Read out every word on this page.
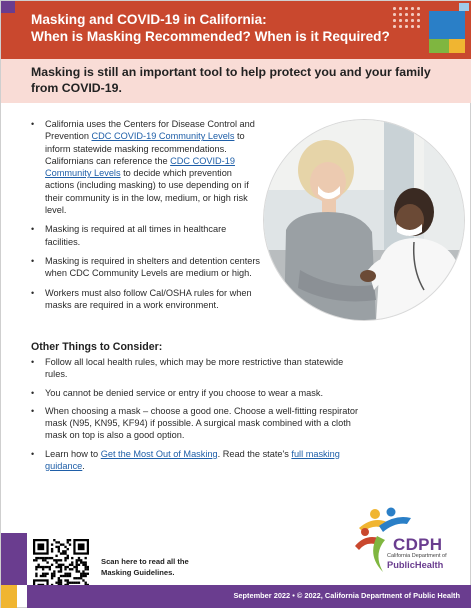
Masking and COVID-19 in California:
When is Masking Recommended? When is it Required?

Masking is still an important tool to help protect you and your family from COVID-19.

• California uses the Centers for Disease Control and Prevention CDC COVID-19 Community Levels to inform statewide masking recommendations. Californians can reference the CDC COVID-19 Community Levels to decide which prevention actions (including masking) to use depending on if their community is in the low, medium, or high risk level.
• Masking is required at all times in healthcare facilities.
• Masking is required in shelters and detention centers when CDC Community Levels are medium or high.
• Workers must also follow Cal/OSHA rules for when masks are required in a work environment.
Other Things to Consider:
• Follow all local health rules, which may be more restrictive than statewide rules.
• You cannot be denied service or entry if you choose to wear a mask.
• When choosing a mask – choose a good one. Choose a well-fitting respirator mask (N95, KN95, KF94) if possible. A surgical mask combined with a cloth mask on top is also a good option.
• Learn how to Get the Most Out of Masking. Read the state's full masking guidance.
CDPH
California Department of
PublicHealth
Scan here to read all the Masking Guidelines.

September 2022 • © 2022, California Department of Public Health
